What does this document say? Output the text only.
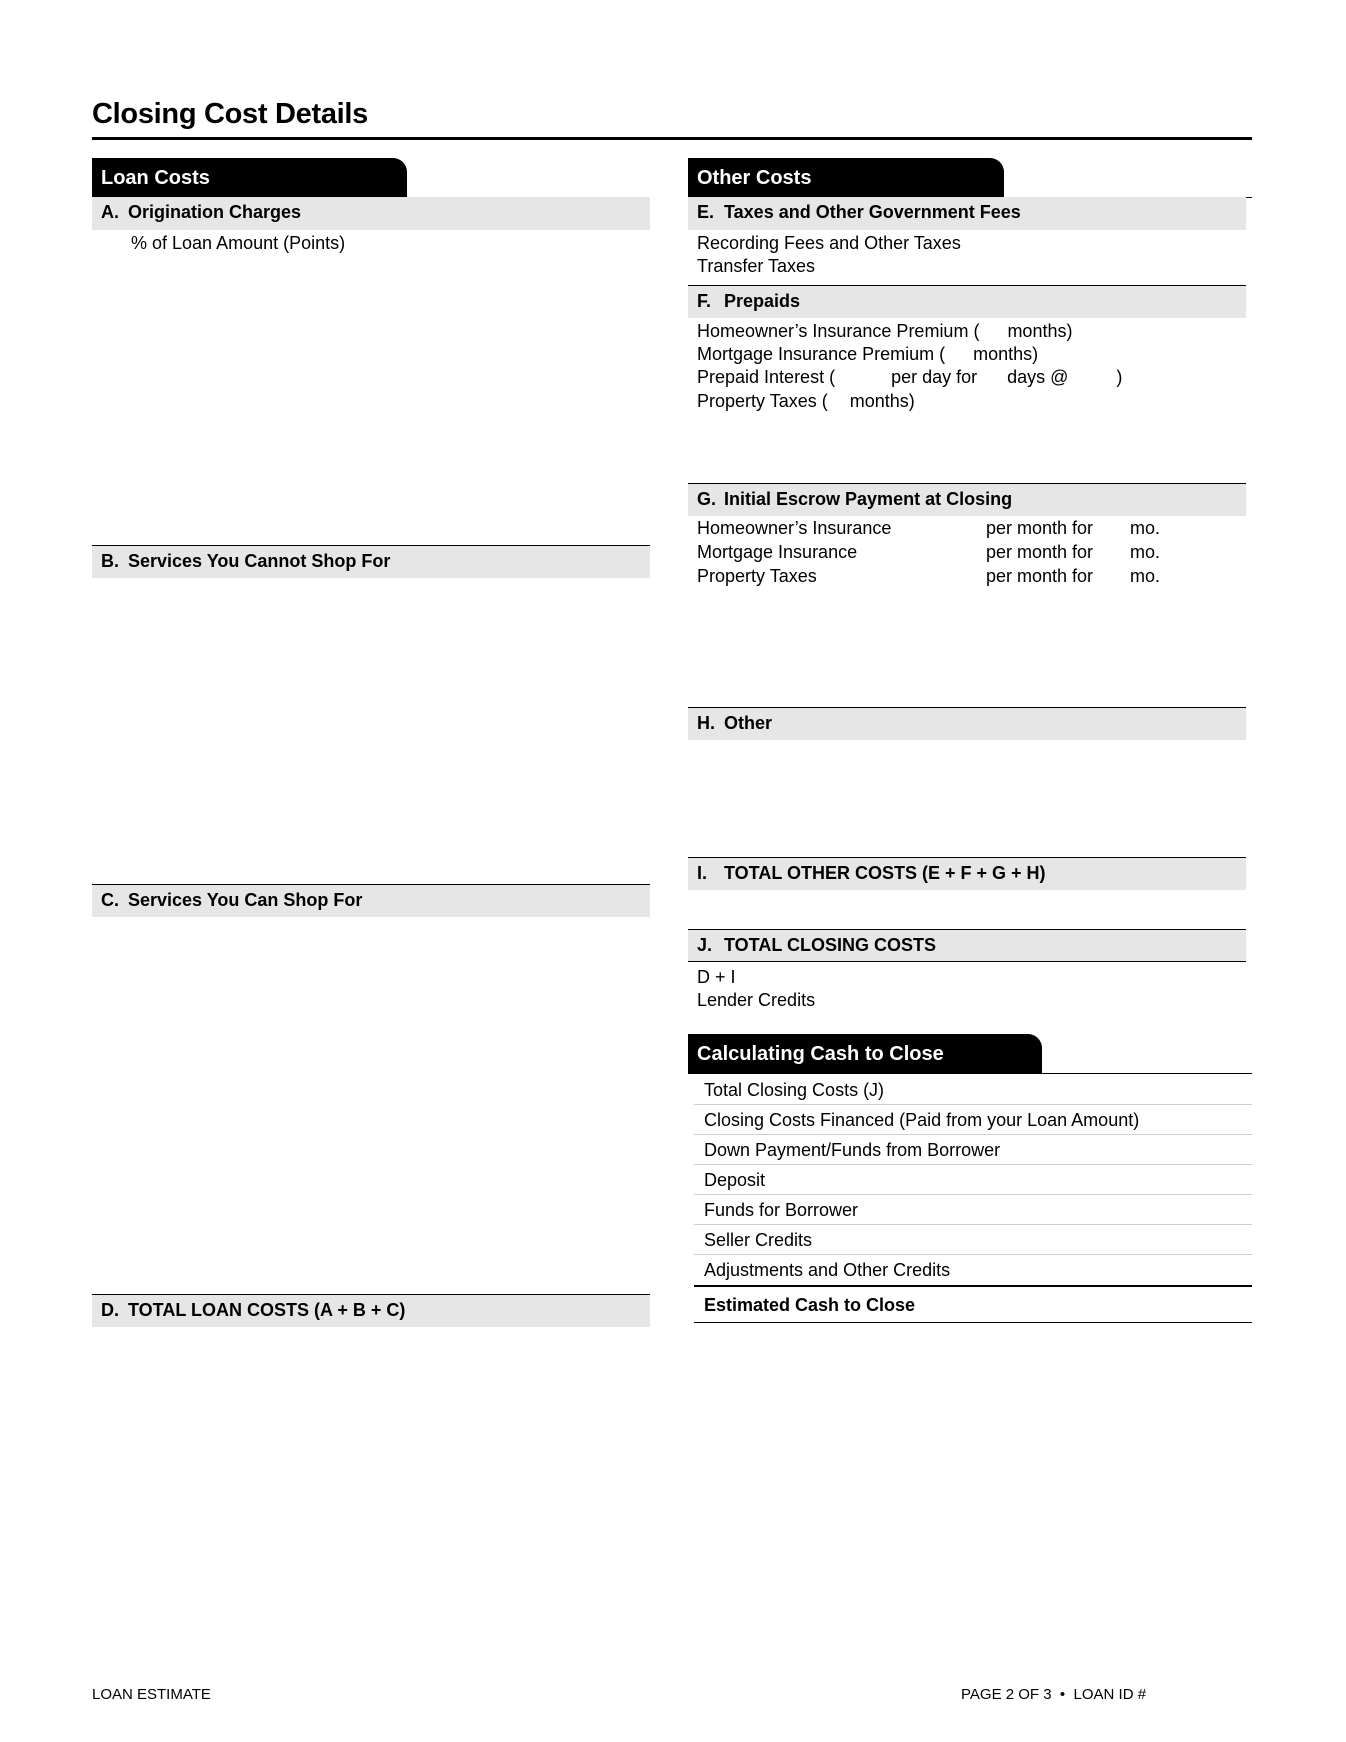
Closing Cost Details
Loan Costs
A. Origination Charges
% of Loan Amount (Points)
B. Services You Cannot Shop For
C. Services You Can Shop For
D. TOTAL LOAN COSTS (A + B + C)
Other Costs
E. Taxes and Other Government Fees
Recording Fees and Other Taxes
Transfer Taxes
F. Prepaids
Homeowner’s Insurance Premium ( months)
Mortgage Insurance Premium ( months)
Prepaid Interest (	per day for days @	)
Property Taxes ( months)
G. Initial Escrow Payment at Closing
Homeowner’s Insurance	per month for mo.
Mortgage Insurance	per month for mo.
Property Taxes	per month for mo.
H. Other
I. TOTAL OTHER COSTS (E + F + G + H)
J. TOTAL CLOSING COSTS
D + I
Lender Credits
Calculating Cash to Close
Total Closing Costs (J)
Closing Costs Financed (Paid from your Loan Amount)
Down Payment/Funds from Borrower
Deposit
Funds for Borrower
Seller Credits
Adjustments and Other Credits
Estimated Cash to Close
LOAN ESTIMATE	PAGE 2 OF 3  •  LOAN ID #
